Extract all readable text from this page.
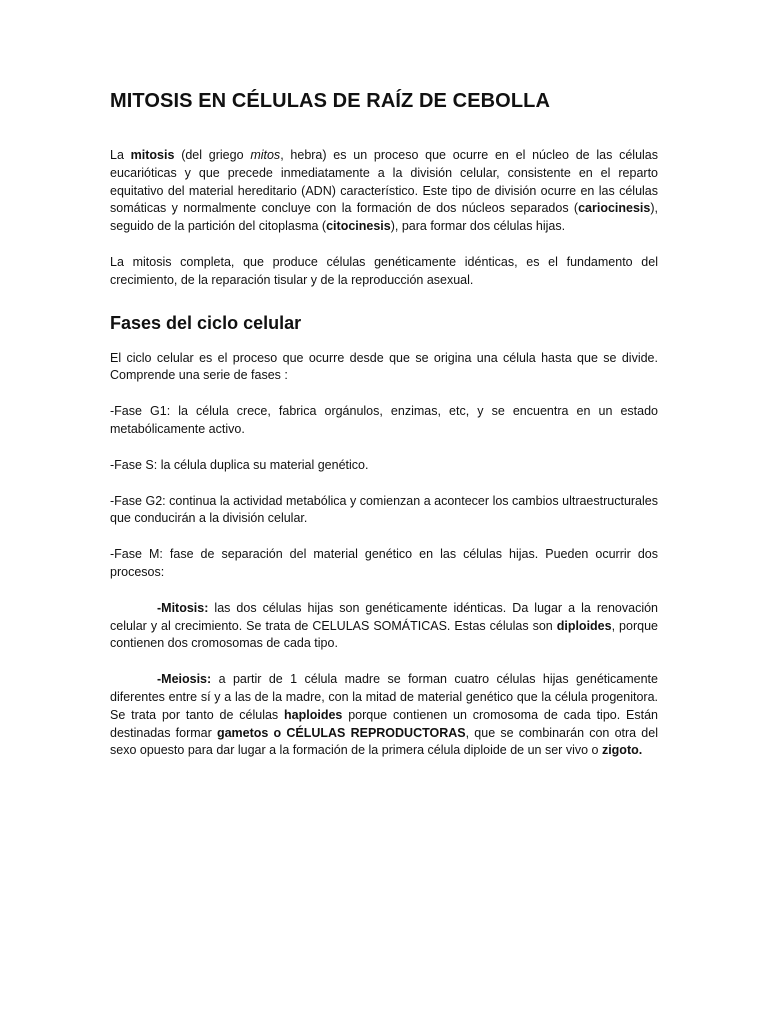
MITOSIS EN CÉLULAS DE RAÍZ DE CEBOLLA

La mitosis (del griego mitos, hebra) es un proceso que ocurre en el núcleo de las células eucarióticas y que precede inmediatamente a la división celular, consistente en el reparto equitativo del material hereditario (ADN) característico. Este tipo de división ocurre en las células somáticas y normalmente concluye con la formación de dos núcleos separados (cariocinesis), seguido de la partición del citoplasma (citocinesis), para formar dos células hijas.

La mitosis completa, que produce células genéticamente idénticas, es el fundamento del crecimiento, de la reparación tisular y de la reproducción asexual.

Fases del ciclo celular

El ciclo celular es el proceso que ocurre desde que se origina una célula hasta que se divide. Comprende una serie de fases :

-Fase G1: la célula crece, fabrica orgánulos, enzimas, etc, y se encuentra en un estado metabólicamente activo.

-Fase S: la célula duplica su material genético.

-Fase G2: continua la actividad metabólica y comienzan a acontecer los cambios ultraestructurales que conducirán a la división celular.

-Fase M: fase de separación del material genético en las células hijas. Pueden ocurrir dos procesos:

-Mitosis: las dos células hijas son genéticamente idénticas. Da lugar a la renovación celular y al crecimiento. Se trata de CELULAS SOMÁTICAS. Estas células son diploides, porque contienen dos cromosomas de cada tipo.

-Meiosis: a partir de 1 célula madre se forman cuatro células hijas genéticamente diferentes entre sí y a las de la madre, con la mitad de material genético que la célula progenitora. Se trata por tanto de células haploides porque contienen un cromosoma de cada tipo. Están destinadas formar gametos o CÉLULAS REPRODUCTORAS, que se combinarán con otra del sexo opuesto para dar lugar a la formación de la primera célula diploide de un ser vivo o zigoto.
